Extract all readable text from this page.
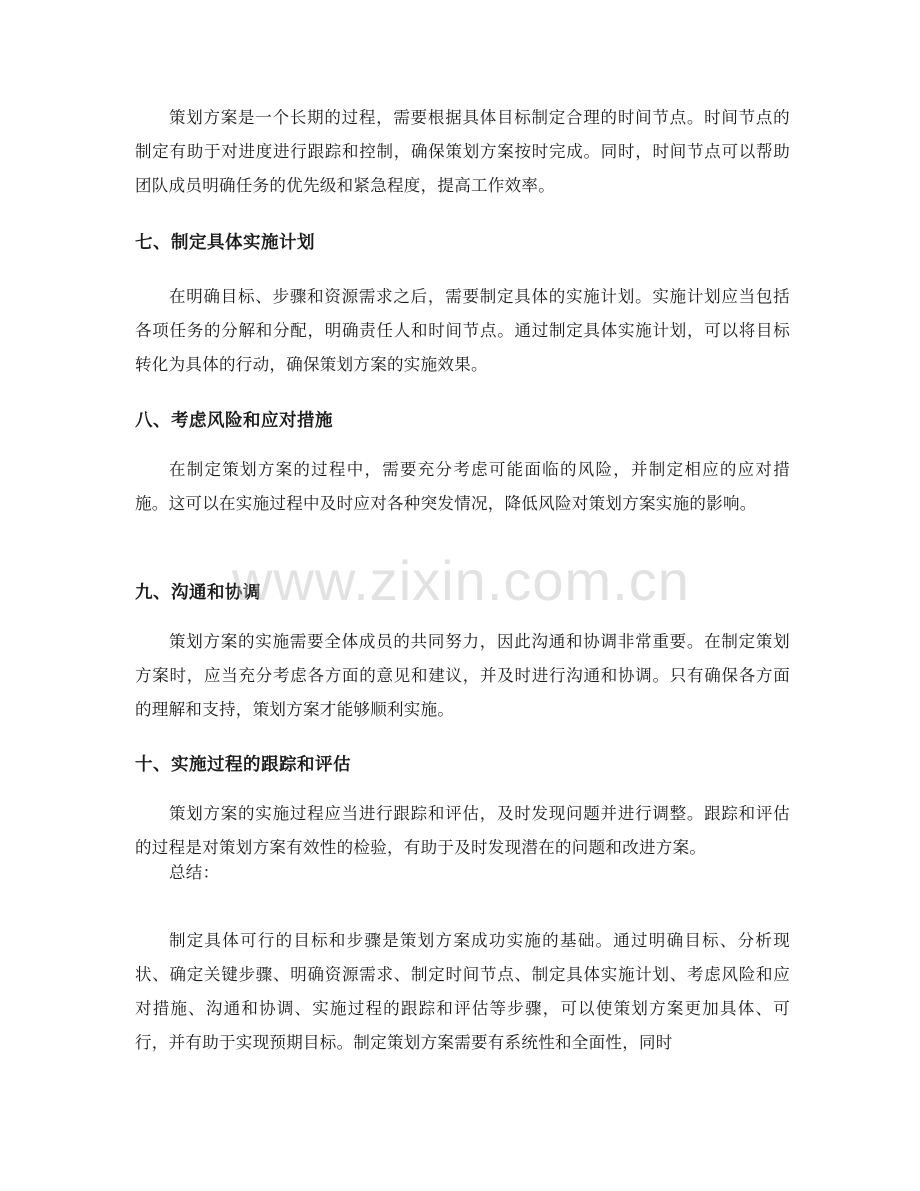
策划方案是一个长期的过程，需要根据具体目标制定合理的时间节点。时间节点的制定有助于对进度进行跟踪和控制，确保策划方案按时完成。同时，时间节点可以帮助团队成员明确任务的优先级和紧急程度，提高工作效率。

七、制定具体实施计划

在明确目标、步骤和资源需求之后，需要制定具体的实施计划。实施计划应当包括各项任务的分解和分配，明确责任人和时间节点。通过制定具体实施计划，可以将目标转化为具体的行动，确保策划方案的实施效果。

八、考虑风险和应对措施

在制定策划方案的过程中，需要充分考虑可能面临的风险，并制定相应的应对措施。这可以在实施过程中及时应对各种突发情况，降低风险对策划方案实施的影响。

九、沟通和协调

策划方案的实施需要全体成员的共同努力，因此沟通和协调非常重要。在制定策划方案时，应当充分考虑各方面的意见和建议，并及时进行沟通和协调。只有确保各方面的理解和支持，策划方案才能够顺利实施。

十、实施过程的跟踪和评估

策划方案的实施过程应当进行跟踪和评估，及时发现问题并进行调整。跟踪和评估的过程是对策划方案有效性的检验，有助于及时发现潜在的问题和改进方案。

总结：

制定具体可行的目标和步骤是策划方案成功实施的基础。通过明确目标、分析现状、确定关键步骤、明确资源需求、制定时间节点、制定具体实施计划、考虑风险和应对措施、沟通和协调、实施过程的跟踪和评估等步骤，可以使策划方案更加具体、可行，并有助于实现预期目标。制定策划方案需要有系统性和全面性，同时

www.zixin.com.cn
